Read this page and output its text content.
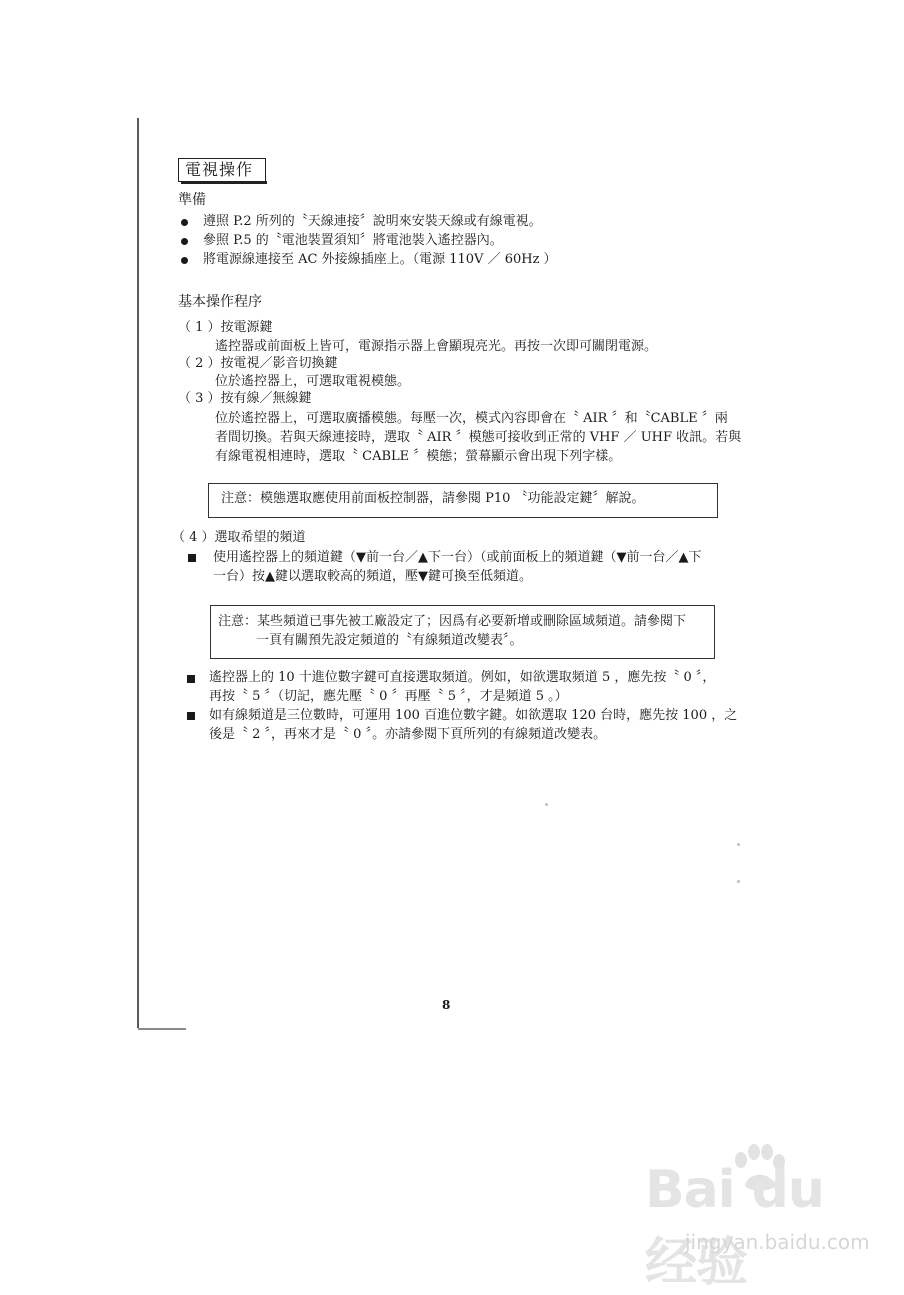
電視操作
準備
遵照 P.2 所列的〝天線連接〞說明來安裝天線或有線電視。
參照 P.5 的〝電池裝置須知〞將電池裝入遙控器內。
將電源線連接至 AC 外接線插座上。（電源 110V ／ 60Hz ）
基本操作程序
（ 1 ）按電源鍵
遙控器或前面板上皆可，電源指示器上會顯現亮光。再按一次即可關閉電源。
（ 2 ）按電視／影音切換鍵
位於遙控器上，可選取電視模態。
（ 3 ）按有線／無線鍵
位於遙控器上，可選取廣播模態。每壓一次，模式內容即會在〝 AIR 〞和〝CABLE 〞兩
者間切換。若與天線連接時，選取〝 AIR 〞模態可接收到正常的 VHF ／ UHF 收訊。若與
有線電視相連時，選取〝 CABLE 〞模態；螢幕顯示會出現下列字樣。
注意：模態選取應使用前面板控制器，請參閱 P10 〝功能設定鍵〞解說。
（ 4 ）選取希望的頻道
使用遙控器上的頻道鍵（▼前一台／▲下一台）（或前面板上的頻道鍵（▼前一台／▲下
一台）按▲鍵以選取較高的頻道，壓▼鍵可換至低頻道。
注意：某些頻道已事先被工廠設定了；因爲有必要新增或刪除區域頻道。請參閱下
一頁有關預先設定頻道的〝有線頻道改變表〞。
遙控器上的 10 十進位數字鍵可直接選取頻道。例如，如欲選取頻道 5 ，應先按〝 0 〞，
再按〝 5 〞（切記，應先壓〝 0 〞再壓〝 5 〞，才是頻道 5 。）
如有線頻道是三位數時，可運用 100 百進位數字鍵。如欲選取 120 台時，應先按 100 ，之
後是〝 2 〞，再來才是〝 0 〞。亦請參閱下頁所列的有線頻道改變表。
8
Bai du 经验
jingyan.baidu.com
